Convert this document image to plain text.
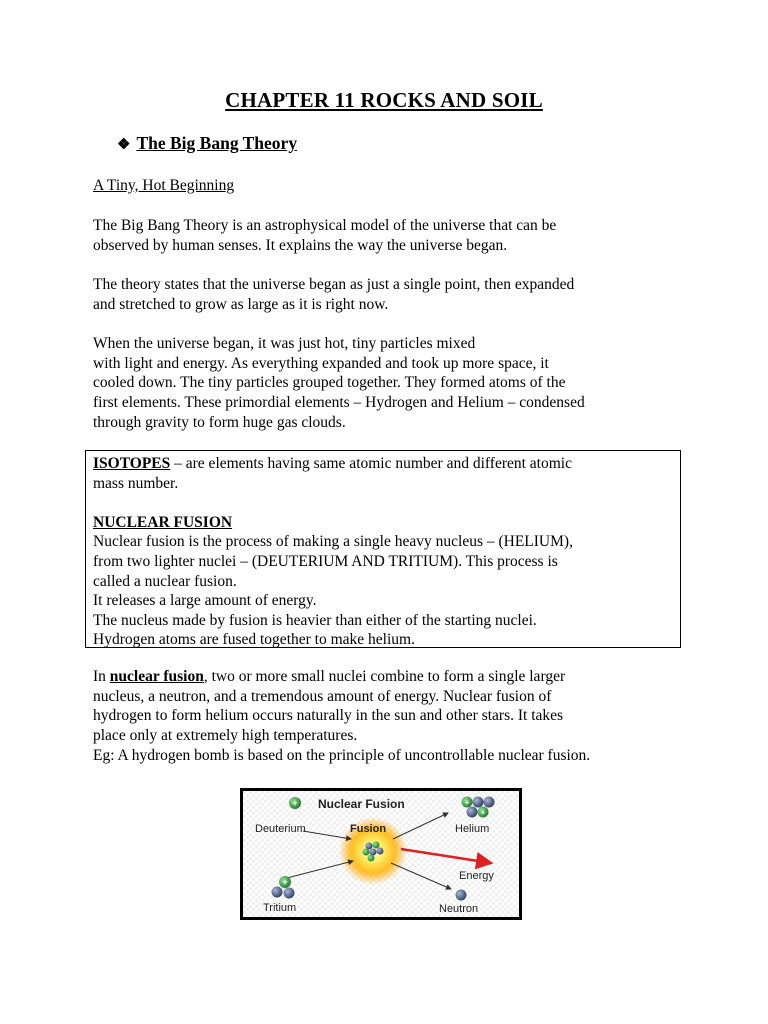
CHAPTER 11 ROCKS AND SOIL
❖ The Big Bang Theory

A Tiny, Hot Beginning

The Big Bang Theory is an astrophysical model of the universe that can be
observed by human senses. It explains the way the universe began.

The theory states that the universe began as just a single point, then expanded
and stretched to grow as large as it is right now.

When the universe began, it was just hot, tiny particles mixed
with light and energy. As everything expanded and took up more space, it
cooled down. The tiny particles grouped together. They formed atoms of the
first elements. These primordial elements – Hydrogen and Helium – condensed
through gravity to form huge gas clouds.

ISOTOPES – are elements having same atomic number and different atomic
mass number.

NUCLEAR FUSION
Nuclear fusion is the process of making a single heavy nucleus – (HELIUM),
from two lighter nuclei – (DEUTERIUM AND TRITIUM). This process is
called a nuclear fusion.
It releases a large amount of energy.
The nucleus made by fusion is heavier than either of the starting nuclei.
Hydrogen atoms are fused together to make helium.

In nuclear fusion, two or more small nuclei combine to form a single larger
nucleus, a neutron, and a tremendous amount of energy. Nuclear fusion of
hydrogen to form helium occurs naturally in the sun and other stars. It takes
place only at extremely high temperatures.
Eg: A hydrogen bomb is based on the principle of uncontrollable nuclear fusion.

+
Deuterium
Nuclear Fusion
Fusion
+
+
Helium
Energy
+
Tritium	Neutron
